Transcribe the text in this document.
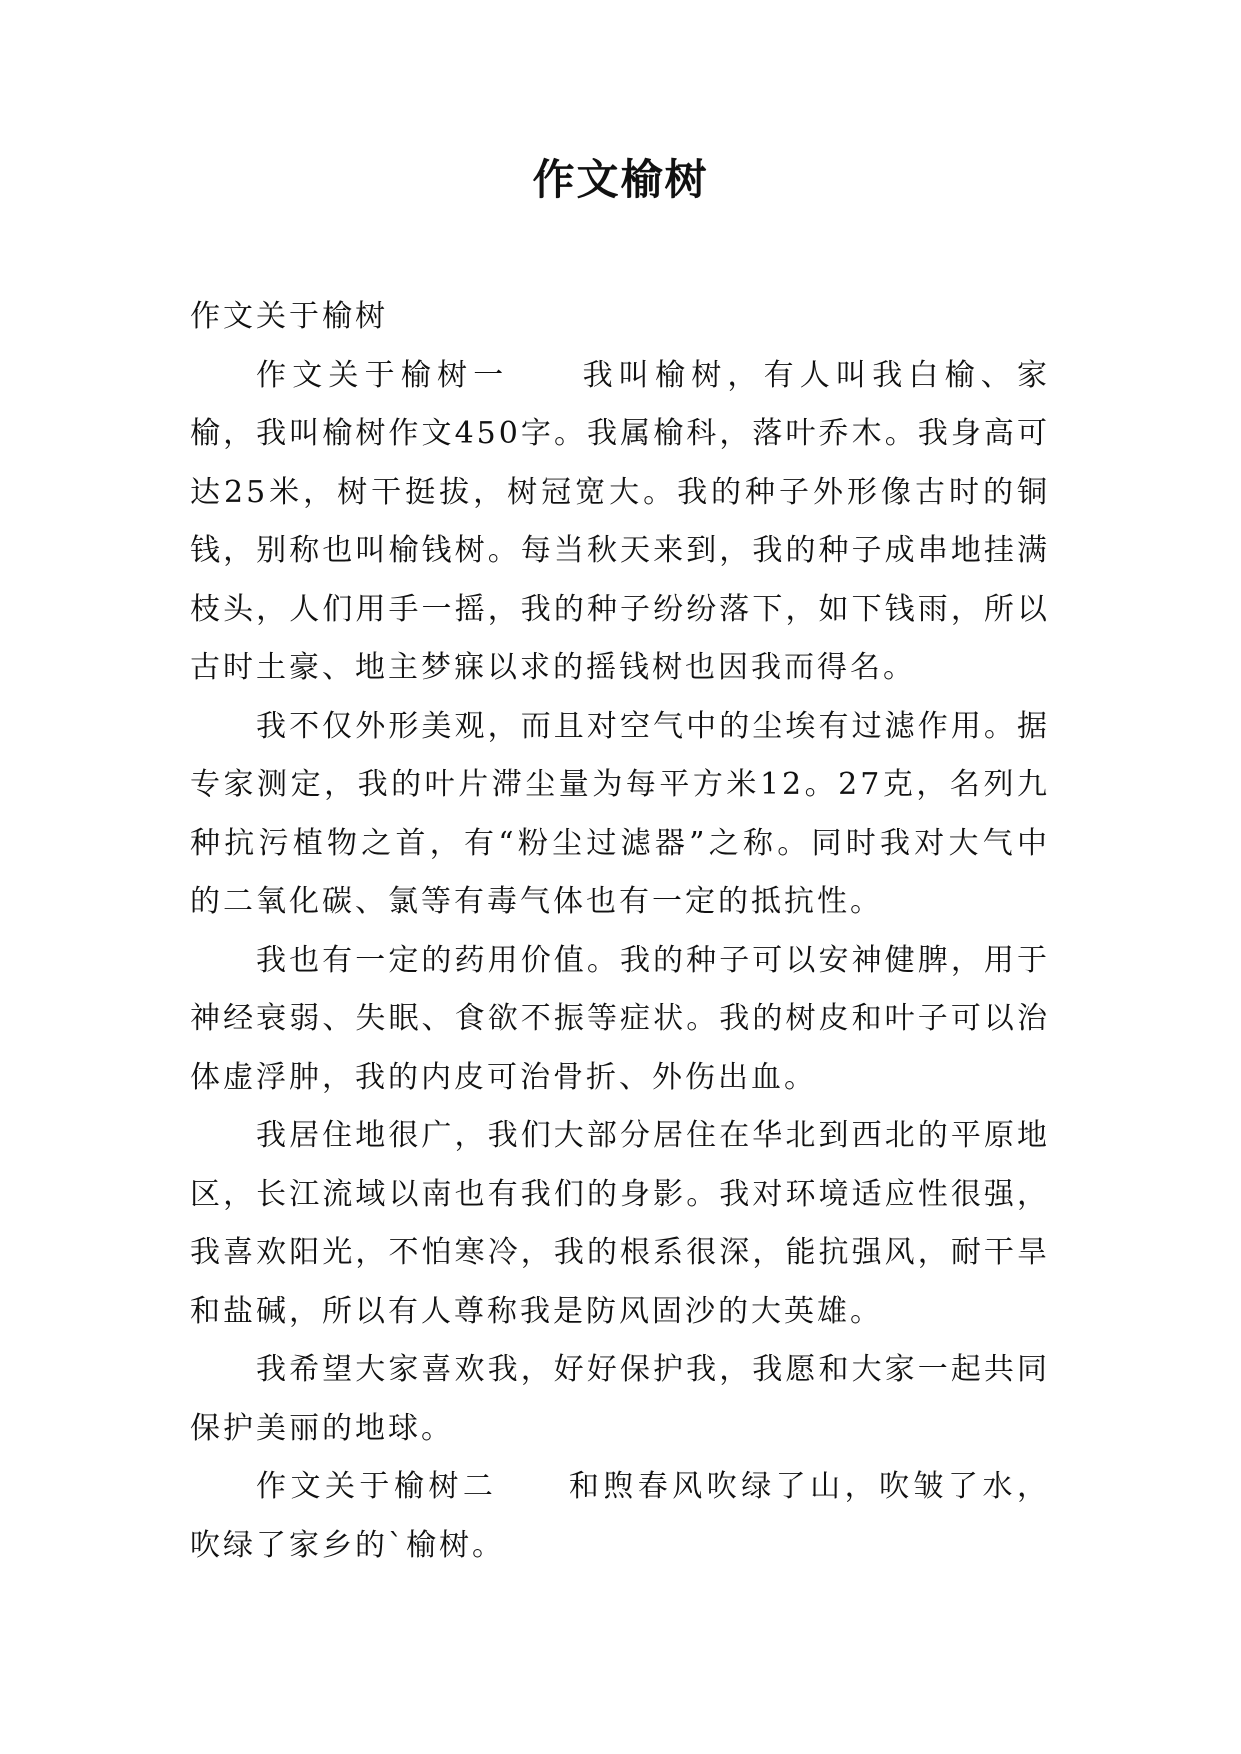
作文榆树

作文关于榆树

作文关于榆树一 我叫榆树，有人叫我白榆、家榆，我叫榆树作文450字。我属榆科，落叶乔木。我身高可达25米，树干挺拔，树冠宽大。我的种子外形像古时的铜钱，别称也叫榆钱树。每当秋天来到，我的种子成串地挂满枝头，人们用手一摇，我的种子纷纷落下，如下钱雨，所以古时土豪、地主梦寐以求的摇钱树也因我而得名。

我不仅外形美观，而且对空气中的尘埃有过滤作用。据专家测定，我的叶片滞尘量为每平方米12。27克，名列九种抗污植物之首，有“粉尘过滤器”之称。同时我对大气中的二氧化碳、氯等有毒气体也有一定的抵抗性。

我也有一定的药用价值。我的种子可以安神健脾，用于神经衰弱、失眠、食欲不振等症状。我的树皮和叶子可以治体虚浮肿，我的内皮可治骨折、外伤出血。

我居住地很广，我们大部分居住在华北到西北的平原地区，长江流域以南也有我们的身影。我对环境适应性很强，我喜欢阳光，不怕寒冷，我的根系很深，能抗强风，耐干旱和盐碱，所以有人尊称我是防风固沙的大英雄。

我希望大家喜欢我，好好保护我，我愿和大家一起共同保护美丽的地球。

作文关于榆树二 和煦春风吹绿了山，吹皱了水，吹绿了家乡的`榆树。
